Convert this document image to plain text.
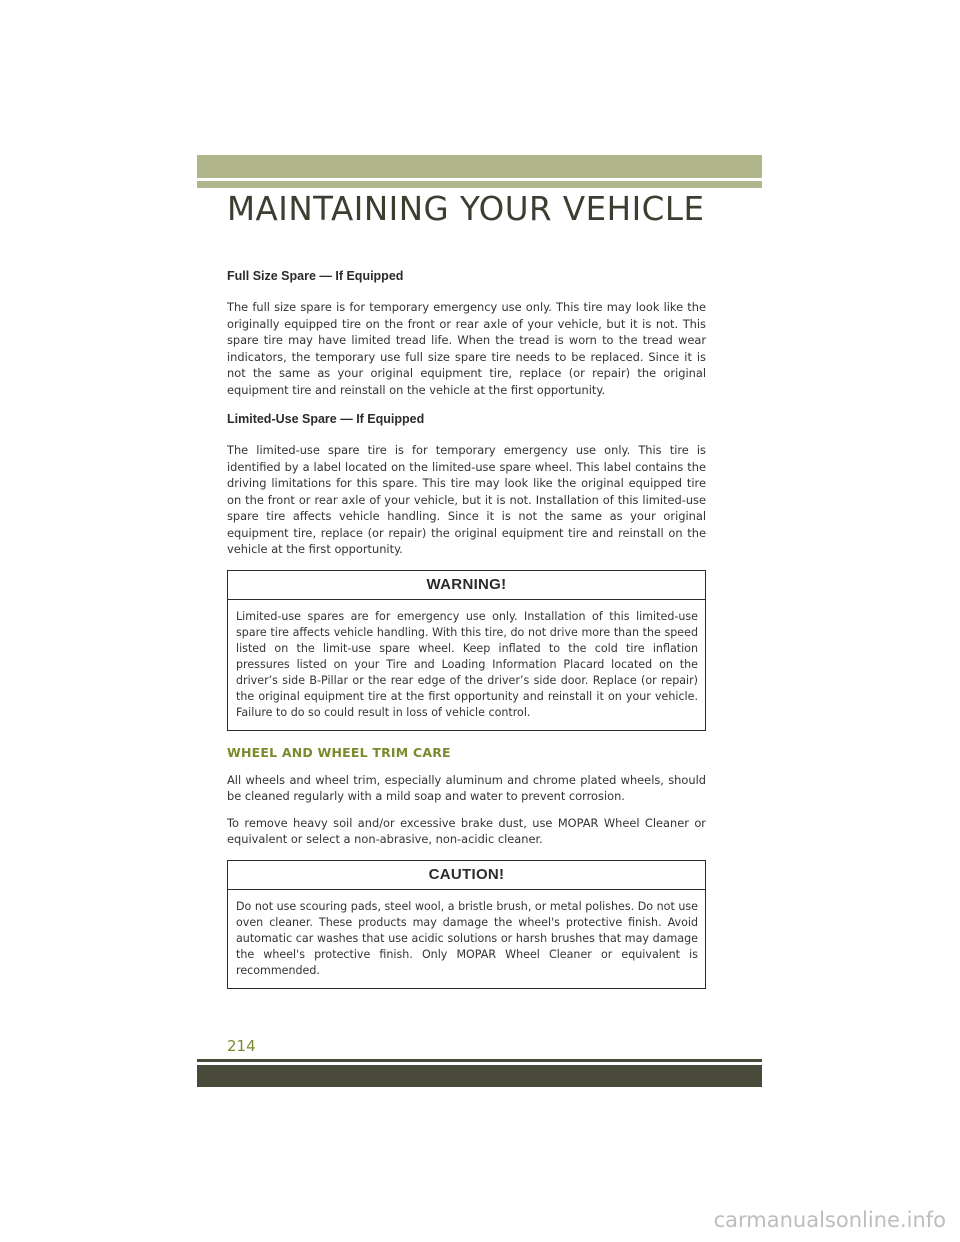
MAINTAINING YOUR VEHICLE

Full Size Spare — If Equipped

The full size spare is for temporary emergency use only. This tire may look like the originally equipped tire on the front or rear axle of your vehicle, but it is not. This spare tire may have limited tread life. When the tread is worn to the tread wear indicators, the temporary use full size spare tire needs to be replaced. Since it is not the same as your original equipment tire, replace (or repair) the original equipment tire and reinstall on the vehicle at the first opportunity.

Limited-Use Spare — If Equipped

The limited-use spare tire is for temporary emergency use only. This tire is identified by a label located on the limited-use spare wheel. This label contains the driving limitations for this spare. This tire may look like the original equipped tire on the front or rear axle of your vehicle, but it is not. Installation of this limited-use spare tire affects vehicle handling. Since it is not the same as your original equipment tire, replace (or repair) the original equipment tire and reinstall on the vehicle at the first opportunity.

WARNING!

Limited-use spares are for emergency use only. Installation of this limited-use spare tire affects vehicle handling. With this tire, do not drive more than the speed listed on the limit-use spare wheel. Keep inflated to the cold tire inflation pressures listed on your Tire and Loading Information Placard located on the driver’s side B-Pillar or the rear edge of the driver’s side door. Replace (or repair) the original equipment tire at the first opportunity and reinstall it on your vehicle. Failure to do so could result in loss of vehicle control.

WHEEL AND WHEEL TRIM CARE

All wheels and wheel trim, especially aluminum and chrome plated wheels, should be cleaned regularly with a mild soap and water to prevent corrosion.

To remove heavy soil and/or excessive brake dust, use MOPAR Wheel Cleaner or equivalent or select a non-abrasive, non-acidic cleaner.

CAUTION!

Do not use scouring pads, steel wool, a bristle brush, or metal polishes. Do not use oven cleaner. These products may damage the wheel's protective finish. Avoid automatic car washes that use acidic solutions or harsh brushes that may damage the wheel's protective finish. Only MOPAR Wheel Cleaner or equivalent is recommended.

214
carmanualsonline.info
